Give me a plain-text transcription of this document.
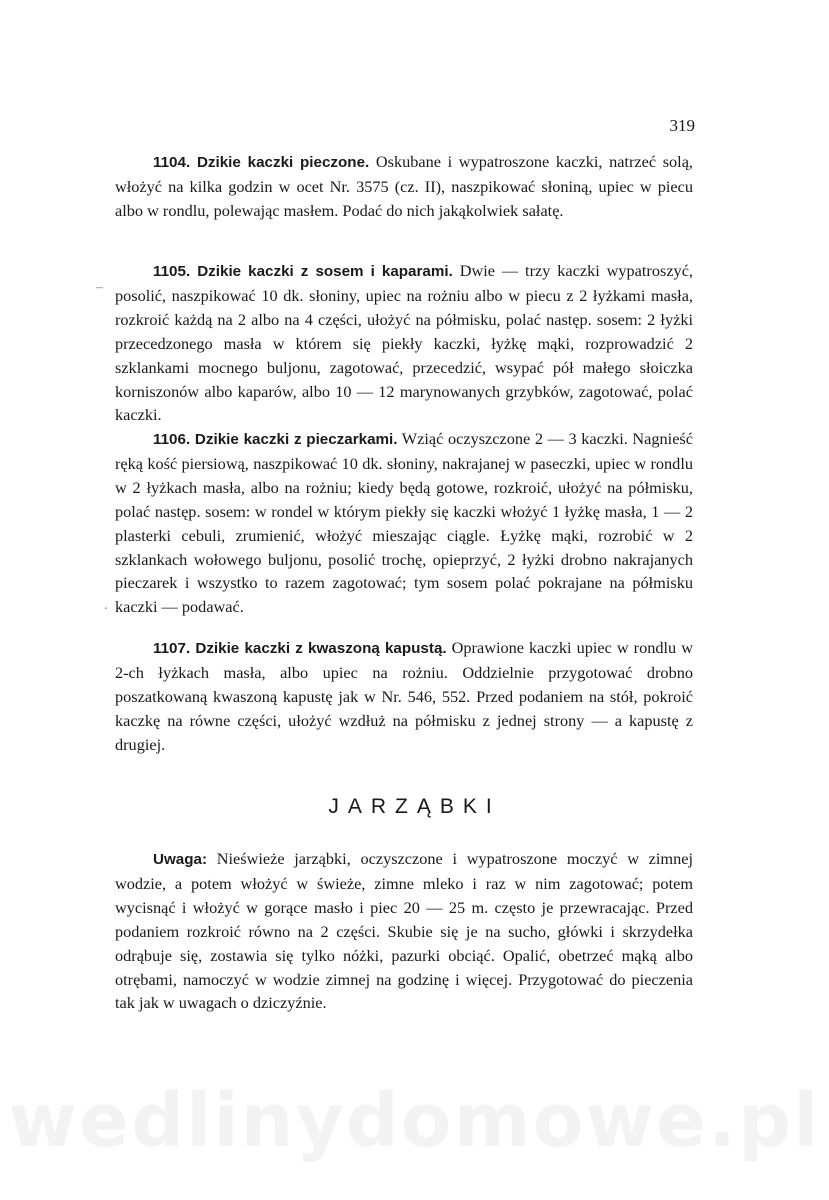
319

1104. Dzikie kaczki pieczone. Oskubane i wypatroszone kaczki, natrzeć solą, włożyć na kilka godzin w ocet Nr. 3575 (cz. II), naszpikować słoniną, upiec w piecu albo w rondlu, polewając masłem. Podać do nich jakąkolwiek sałatę.

1105. Dzikie kaczki z sosem i kaparami. Dwie — trzy kaczki wypatroszyć, posolić, naszpikować 10 dk. słoniny, upiec na rożniu albo w piecu z 2 łyżkami masła, rozkroić każdą na 2 albo na 4 części, ułożyć na półmisku, polać następ. sosem: 2 łyżki przecedzonego masła w którem się piekły kaczki, łyżkę mąki, rozprowadzić 2 szklankami mocnego buljonu, zagotować, przecedzić, wsypać pół małego słoiczka korniszonów albo kaparów, albo 10 — 12 marynowanych grzybków, zagotować, polać kaczki.

1106. Dzikie kaczki z pieczarkami. Wziąć oczyszczone 2 — 3 kaczki. Nagnieść ręką kość piersiową, naszpikować 10 dk. słoniny, nakrajanej w paseczki, upiec w rondlu w 2 łyżkach masła, albo na rożniu; kiedy będą gotowe, rozkroić, ułożyć na półmisku, polać następ. sosem: w rondel w którym piekły się kaczki włożyć 1 łyżkę masła, 1 — 2 plasterki cebuli, zrumienić, włożyć mieszając ciągle. Łyżkę mąki, rozrobić w 2 szklankach wołowego buljonu, posolić trochę, opieprzyć, 2 łyżki drobno nakrajanych pieczarek i wszystko to razem zagotować; tym sosem polać pokrajane na półmisku kaczki — podawać.

1107. Dzikie kaczki z kwaszoną kapustą. Oprawione kaczki upiec w rondlu w 2-ch łyżkach masła, albo upiec na rożniu. Oddzielnie przygotować drobno poszatkowaną kwaszoną kapustę jak w Nr. 546, 552. Przed podaniem na stół, pokroić kaczkę na równe części, ułożyć wzdłuż na półmisku z jednej strony — a kapustę z drugiej.

JARZĄBKI

Uwaga: Nieświeże jarząbki, oczyszczone i wypatroszone moczyć w zimnej wodzie, a potem włożyć w świeże, zimne mleko i raz w nim zagotować; potem wycisnąć i włożyć w gorące masło i piec 20 — 25 m. często je przewracając. Przed podaniem rozkroić równo na 2 części. Skubie się je na sucho, główki i skrzydełka odrąbuje się, zostawia się tylko nóżki, pazurki obciąć. Opalić, obetrzeć mąką albo otrębami, namoczyć w wodzie zimnej na godzinę i więcej. Przygotować do pieczenia tak jak w uwagach o dziczyźnie.

–
.
